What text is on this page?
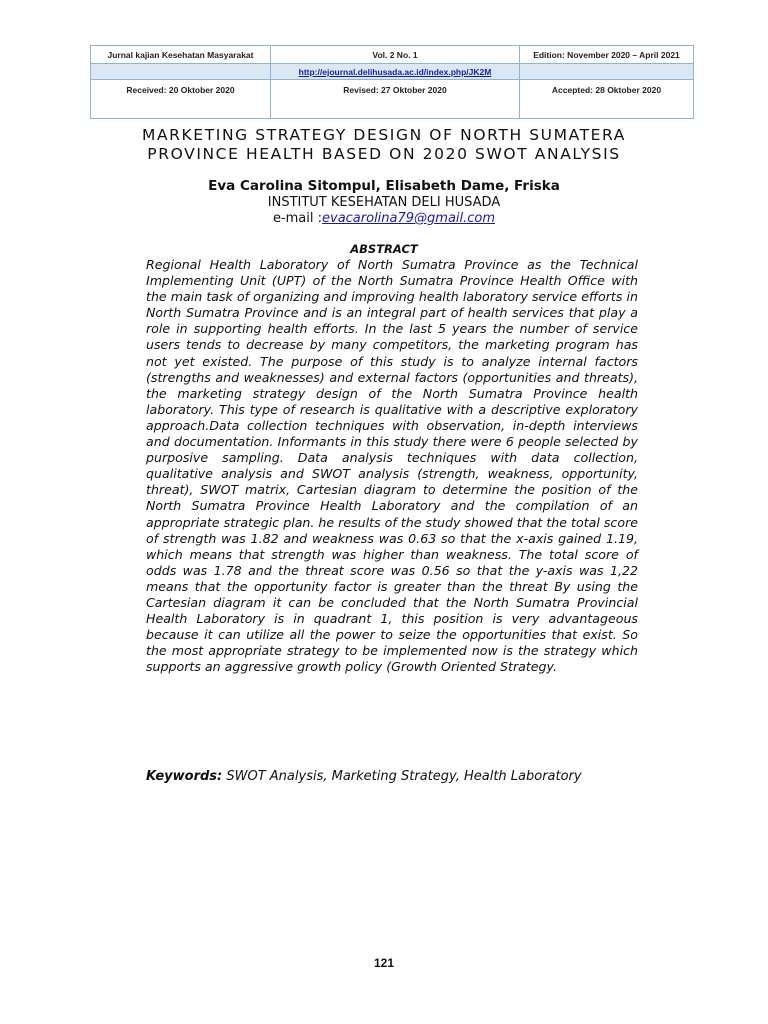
Jurnal kajian Kesehatan Masyarakat	Vol. 2 No. 1	Edition: November 2020 – April 2021
	http://ejournal.delihusada.ac.id/index.php/JK2M	
Received: 20 Oktober 2020	Revised: 27 Oktober 2020	Accepted: 28 Oktober 2020
MARKETING STRATEGY DESIGN OF NORTH SUMATERA
PROVINCE HEALTH BASED ON 2020 SWOT ANALYSIS
Eva Carolina Sitompul, Elisabeth Dame, Friska
INSTITUT KESEHATAN DELI HUSADA
e-mail :evacarolina79@gmail.com
ABSTRACT

Regional Health Laboratory of North Sumatra Province as the Technical Implementing Unit (UPT) of the North Sumatra Province Health Office with the main task of organizing and improving health laboratory service efforts in North Sumatra Province and is an integral part of health services that play a role in supporting health efforts. In the last 5 years the number of service users tends to decrease by many competitors, the marketing program has not yet existed. The purpose of this study is to analyze internal factors (strengths and weaknesses) and external factors (opportunities and threats), the marketing strategy design of the North Sumatra Province health laboratory. This type of research is qualitative with a descriptive exploratory approach.Data collection techniques with observation, in-depth interviews and documentation. Informants in this study there were 6 people selected by purposive sampling. Data analysis techniques with data collection, qualitative analysis and SWOT analysis (strength, weakness, opportunity, threat), SWOT matrix, Cartesian diagram to determine the position of the North Sumatra Province Health Laboratory and the compilation of an appropriate strategic plan. he results of the study showed that the total score of strength was 1.82 and weakness was 0.63 so that the x-axis gained 1.19, which means that strength was higher than weakness. The total score of odds was 1.78 and the threat score was 0.56 so that the y-axis was 1,22 means that the opportunity factor is greater than the threat By using the Cartesian diagram it can be concluded that the North Sumatra Provincial Health Laboratory is in quadrant 1, this position is very advantageous because it can utilize all the power to seize the opportunities that exist. So the most appropriate strategy to be implemented now is the strategy which supports an aggressive growth policy (Growth Oriented Strategy.

Keywords: SWOT Analysis, Marketing Strategy, Health Laboratory
121
